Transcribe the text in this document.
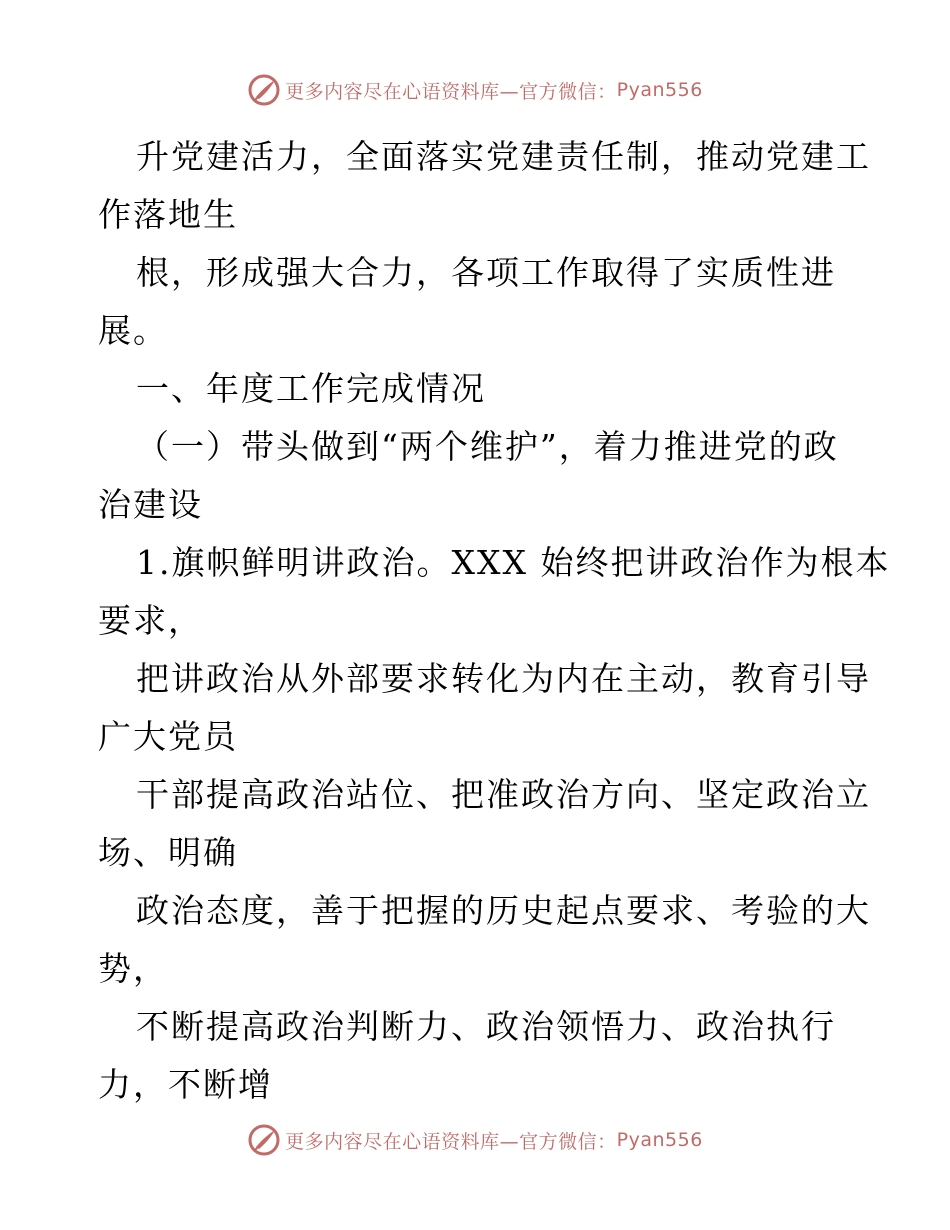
更多内容尽在心语资料库—官方微信： Pyan556
升党建活力，全面落实党建责任制，推动党建工
作落地生
根，形成强大合力，各项工作取得了实质性进
展。
一、年度工作完成情况
（一）带头做到“两个维护”，着力推进党的政
治建设
1.旗帜鲜明讲政治。XXX 始终把讲政治作为根本
要求，
把讲政治从外部要求转化为内在主动，教育引导
广大党员
干部提高政治站位、把准政治方向、坚定政治立
场、明确
政治态度，善于把握的历史起点要求、考验的大
势，
不断提高政治判断力、政治领悟力、政治执行
力，不断增
更多内容尽在心语资料库—官方微信： Pyan556
